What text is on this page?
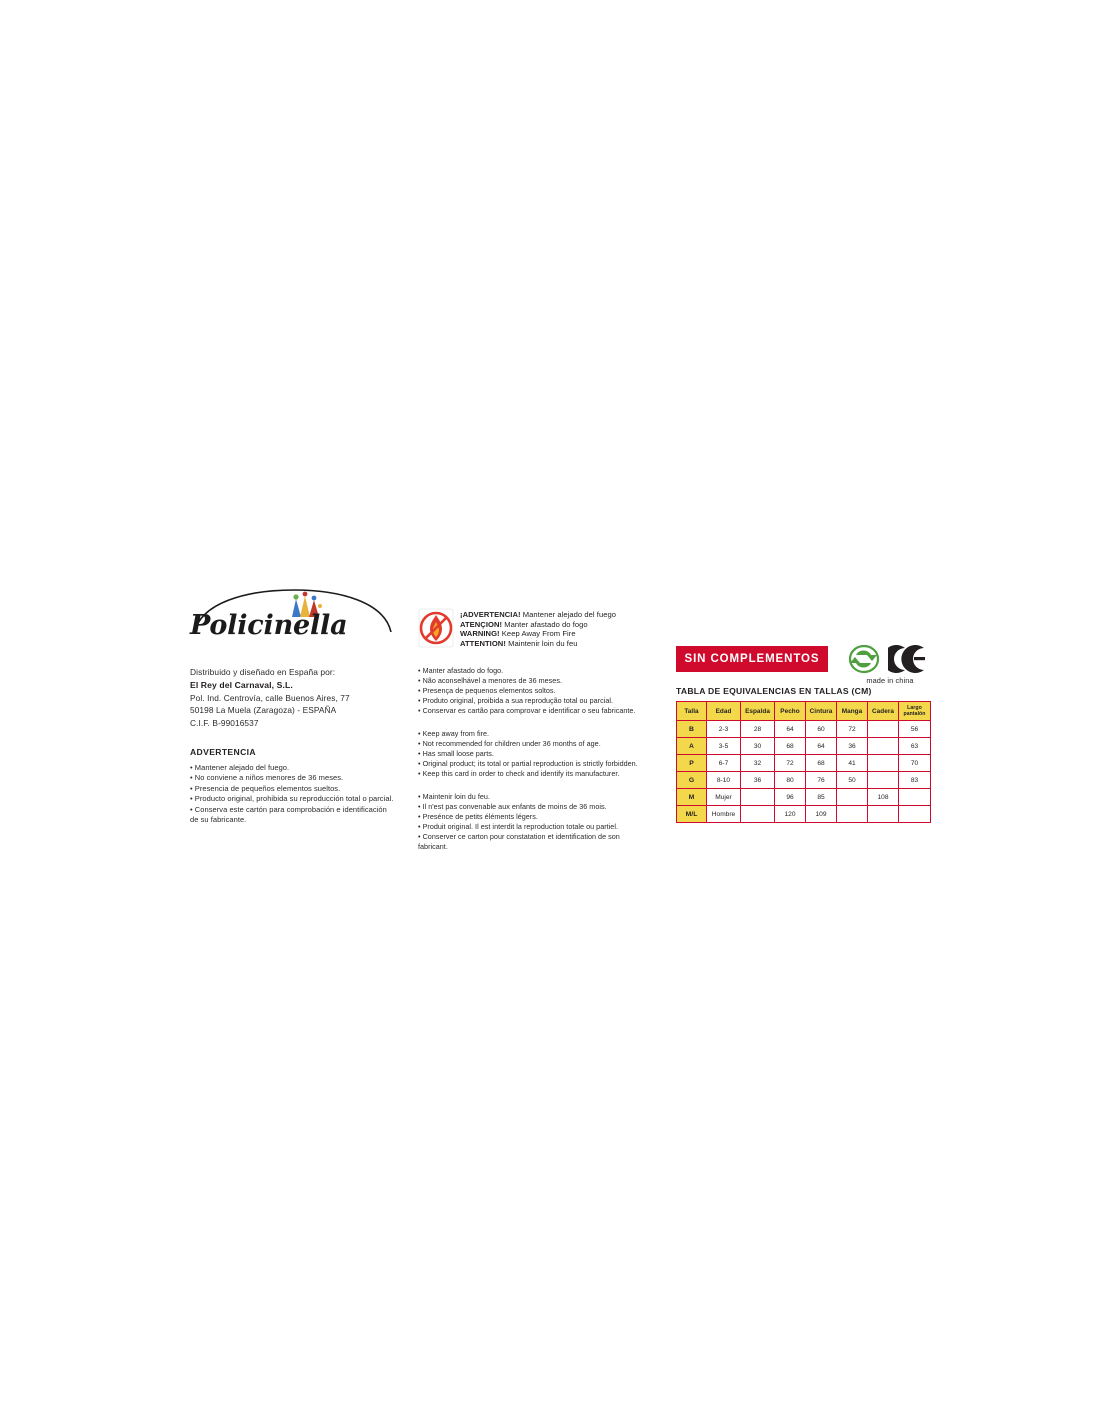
Policinella
Distribuido y diseñado en España por:
El Rey del Carnaval, S.L.
Pol. Ind. Centrovía, calle Buenos Aires, 77
50198 La Muela (Zaragoza) - ESPAÑA
C.I.F. B-99016537
ADVERTENCIA
• Mantener alejado del fuego.
• No conviene a niños menores de 36 meses.
• Presencia de pequeños elementos sueltos.
• Producto original, prohibida su reproducción total o parcial.
• Conserva este cartón para comprobación e identificación
de su fabricante.
¡ADVERTENCIA! Mantener alejado del fuego
ATENÇION! Manter afastado do fogo
WARNING! Keep Away From Fire
ATTENTION! Maintenir loin du feu
• Manter afastado do fogo.
• Não aconselhável a menores de 36 meses.
• Presença de pequenos elementos soltos.
• Produto original, proibida a sua reprodução total ou parcial.
• Conservar es cartão para comprovar e identificar o seu fabricante.
• Keep away from fire.
• Not recommended for children under 36 months of age.
• Has small loose parts.
• Original product; its total or partial reproduction is strictly forbidden.
• Keep this card in order to check and identify its manufacturer.
• Maintenir loin du feu.
• Il n'est pas convenable aux enfants de moins de 36 mois.
• Presénce de petits éléments légers.
• Produit original. Il est interdit la reproduction totale ou partiel.
• Conserver ce carton pour constatation et identification de son
fabricant.
SIN COMPLEMENTOS
made in china
TABLA DE EQUIVALENCIAS EN TALLAS (CM)
Talla	Edad	Espalda	Pecho	Cintura	Manga	Cadera	Largo pantalón
B	2-3	28	64	60	72		56
A	3-5	30	68	64	36		63
P	6-7	32	72	68	41		70
G	8-10	36	80	76	50		83
M	Mujer		96	85		108	
M/L	Hombre		120	109			
